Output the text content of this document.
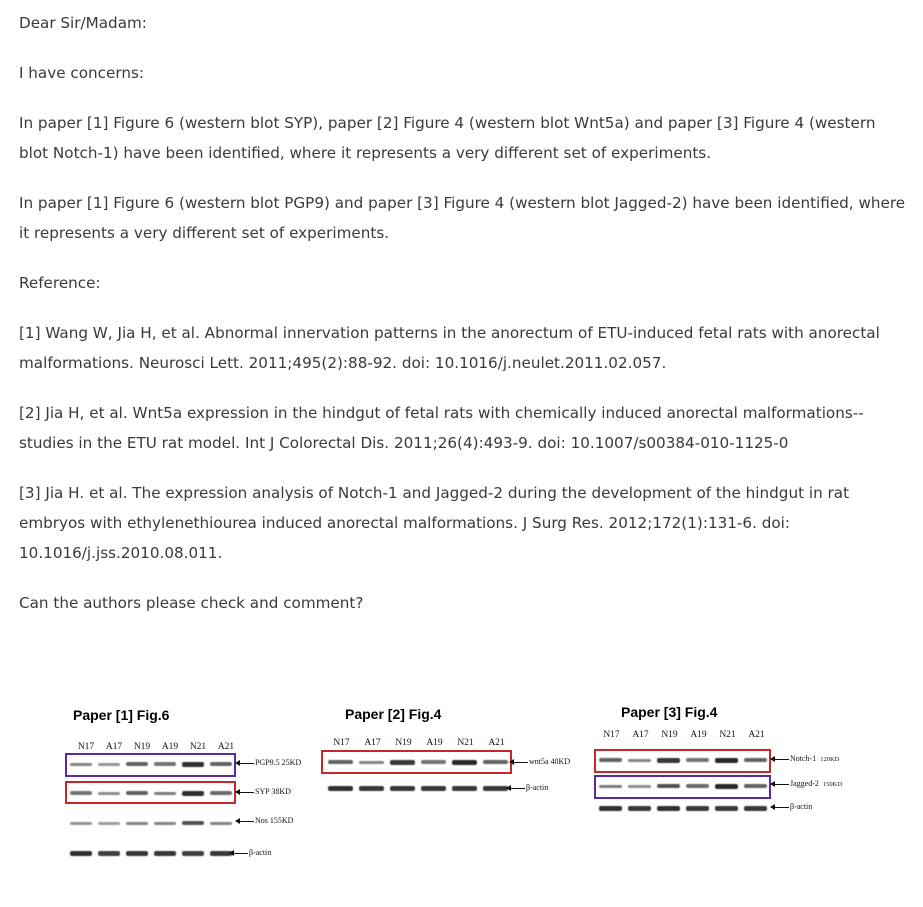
Dear Sir/Madam:

I have concerns:

In paper [1] Figure 6 (western blot SYP), paper [2] Figure 4 (western blot Wnt5a) and paper [3] Figure 4 (western blot Notch-1) have been identified, where it represents a very different set of experiments.

In paper [1] Figure 6 (western blot PGP9) and paper [3] Figure 4 (western blot Jagged-2) have been identified, where it represents a very different set of experiments.

Reference:

[1] Wang W, Jia H, et al. Abnormal innervation patterns in the anorectum of ETU-induced fetal rats with anorectal malformations. Neurosci Lett. 2011;495(2):88-92. doi: 10.1016/j.neulet.2011.02.057.

[2] Jia H, et al. Wnt5a expression in the hindgut of fetal rats with chemically induced anorectal malformations--studies in the ETU rat model. Int J Colorectal Dis. 2011;26(4):493-9. doi: 10.1007/s00384-010-1125-0

[3] Jia H. et al. The expression analysis of Notch-1 and Jagged-2 during the development of the hindgut in rat embryos with ethylenethiourea induced anorectal malformations. J Surg Res. 2012;172(1):131-6. doi: 10.1016/j.jss.2010.08.011.

Can the authors please check and comment?

Paper [1] Fig.6
N17	A17	N19	A19	N21	A21
PGP9.5 25KD
SYP 38KD
Nos 155KD
β-actin
Paper [2] Fig.4
N17	A17	N19	A19	N21	A21
wnt5a 40KD
β-actin
Paper [3] Fig.4
N17	A17	N19	A19	N21	A21
Notch-1 120KD
Jagged-2 150KD
β-actin
